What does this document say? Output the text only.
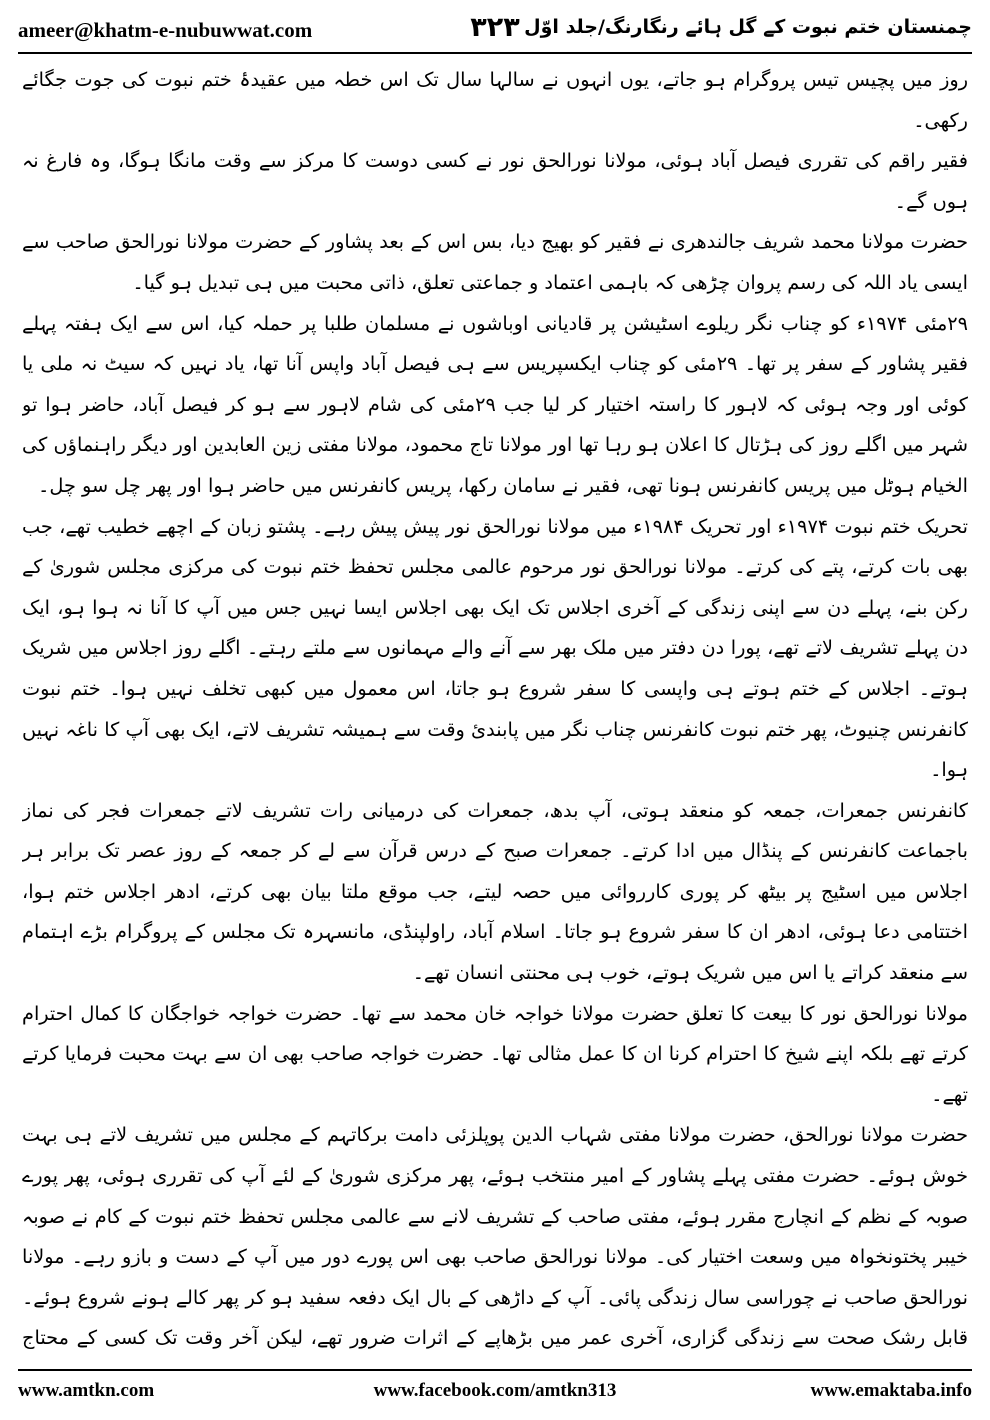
ameer@khatm-e-nubuwwat.com	۳۲۳ چمنستان ختم نبوت کے گل ہائے رنگارنگ/جلد اوّل

روز میں پچیس تیس پروگرام ہو جاتے، یوں انہوں نے سالہا سال تک اس خطہ میں عقیدۂ ختم نبوت کی جوت جگائے رکھی۔

فقیر راقم کی تقرری فیصل آباد ہوئی، مولانا نورالحق نور نے کسی دوست کا مرکز سے وقت مانگا ہوگا، وہ فارغ نہ ہوں گے۔

حضرت مولانا محمد شریف جالندھری نے فقیر کو بھیج دیا، بس اس کے بعد پشاور کے حضرت مولانا نورالحق صاحب سے ایسی یاد اللہ کی رسم پروان چڑھی کہ باہمی اعتماد و جماعتی تعلق، ذاتی محبت میں ہی تبدیل ہو گیا۔

۲۹مئی ۱۹۷۴ء کو چناب نگر ریلوے اسٹیشن پر قادیانی اوباشوں نے مسلمان طلبا پر حملہ کیا، اس سے ایک ہفتہ پہلے فقیر پشاور کے سفر پر تھا۔ ۲۹مئی کو چناب ایکسپریس سے ہی فیصل آباد واپس آنا تھا، یاد نہیں کہ سیٹ نہ ملی یا کوئی اور وجہ ہوئی کہ لاہور کا راستہ اختیار کر لیا جب ۲۹مئی کی شام لاہور سے ہو کر فیصل آباد، حاضر ہوا تو شہر میں اگلے روز کی ہڑتال کا اعلان ہو رہا تھا اور مولانا تاج محمود، مولانا مفتی زین العابدین اور دیگر راہنماؤں کی الخیام ہوٹل میں پریس کانفرنس ہونا تھی، فقیر نے سامان رکھا، پریس کانفرنس میں حاضر ہوا اور پھر چل سو چل۔

تحریک ختم نبوت ۱۹۷۴ء اور تحریک ۱۹۸۴ء میں مولانا نورالحق نور پیش پیش رہے۔ پشتو زبان کے اچھے خطیب تھے، جب بھی بات کرتے، پتے کی کرتے۔ مولانا نورالحق نور مرحوم عالمی مجلس تحفظ ختم نبوت کی مرکزی مجلس شوریٰ کے رکن بنے، پہلے دن سے اپنی زندگی کے آخری اجلاس تک ایک بھی اجلاس ایسا نہیں جس میں آپ کا آنا نہ ہوا ہو، ایک دن پہلے تشریف لاتے تھے، پورا دن دفتر میں ملک بھر سے آنے والے مہمانوں سے ملتے رہتے۔ اگلے روز اجلاس میں شریک ہوتے۔ اجلاس کے ختم ہوتے ہی واپسی کا سفر شروع ہو جاتا، اس معمول میں کبھی تخلف نہیں ہوا۔ ختم نبوت کانفرنس چنیوٹ، پھر ختم نبوت کانفرنس چناب نگر میں پابندیٔ وقت سے ہمیشہ تشریف لاتے، ایک بھی آپ کا ناغہ نہیں ہوا۔

کانفرنس جمعرات، جمعہ کو منعقد ہوتی، آپ بدھ، جمعرات کی درمیانی رات تشریف لاتے جمعرات فجر کی نماز باجماعت کانفرنس کے پنڈال میں ادا کرتے۔ جمعرات صبح کے درس قرآن سے لے کر جمعہ کے روز عصر تک برابر ہر اجلاس میں اسٹیج پر بیٹھ کر پوری کارروائی میں حصہ لیتے، جب موقع ملتا بیان بھی کرتے، ادھر اجلاس ختم ہوا، اختتامی دعا ہوئی، ادھر ان کا سفر شروع ہو جاتا۔ اسلام آباد، راولپنڈی، مانسہرہ تک مجلس کے پروگرام بڑے اہتمام سے منعقد کراتے یا اس میں شریک ہوتے، خوب ہی محنتی انسان تھے۔

مولانا نورالحق نور کا بیعت کا تعلق حضرت مولانا خواجہ خان محمد سے تھا۔ حضرت خواجہ خواجگان کا کمال احترام کرتے تھے بلکہ اپنے شیخ کا احترام کرنا ان کا عمل مثالی تھا۔ حضرت خواجہ صاحب بھی ان سے بہت محبت فرمایا کرتے تھے۔

حضرت مولانا نورالحق، حضرت مولانا مفتی شہاب الدین پوپلزئی دامت برکاتہم کے مجلس میں تشریف لاتے ہی بہت خوش ہوئے۔ حضرت مفتی پہلے پشاور کے امیر منتخب ہوئے، پھر مرکزی شوریٰ کے لئے آپ کی تقرری ہوئی، پھر پورے صوبہ کے نظم کے انچارج مقرر ہوئے، مفتی صاحب کے تشریف لانے سے عالمی مجلس تحفظ ختم نبوت کے کام نے صوبہ خیبر پختونخواہ میں وسعت اختیار کی۔ مولانا نورالحق صاحب بھی اس پورے دور میں آپ کے دست و بازو رہے۔ مولانا نورالحق صاحب نے چوراسی سال زندگی پائی۔ آپ کے داڑھی کے بال ایک دفعہ سفید ہو کر پھر کالے ہونے شروع ہوئے۔ قابل رشک صحت سے زندگی گزاری، آخری عمر میں بڑھاپے کے اثرات ضرور تھے، لیکن آخر وقت تک کسی کے محتاج

www.amtkn.com	www.facebook.com/amtkn313	www.emaktaba.info
